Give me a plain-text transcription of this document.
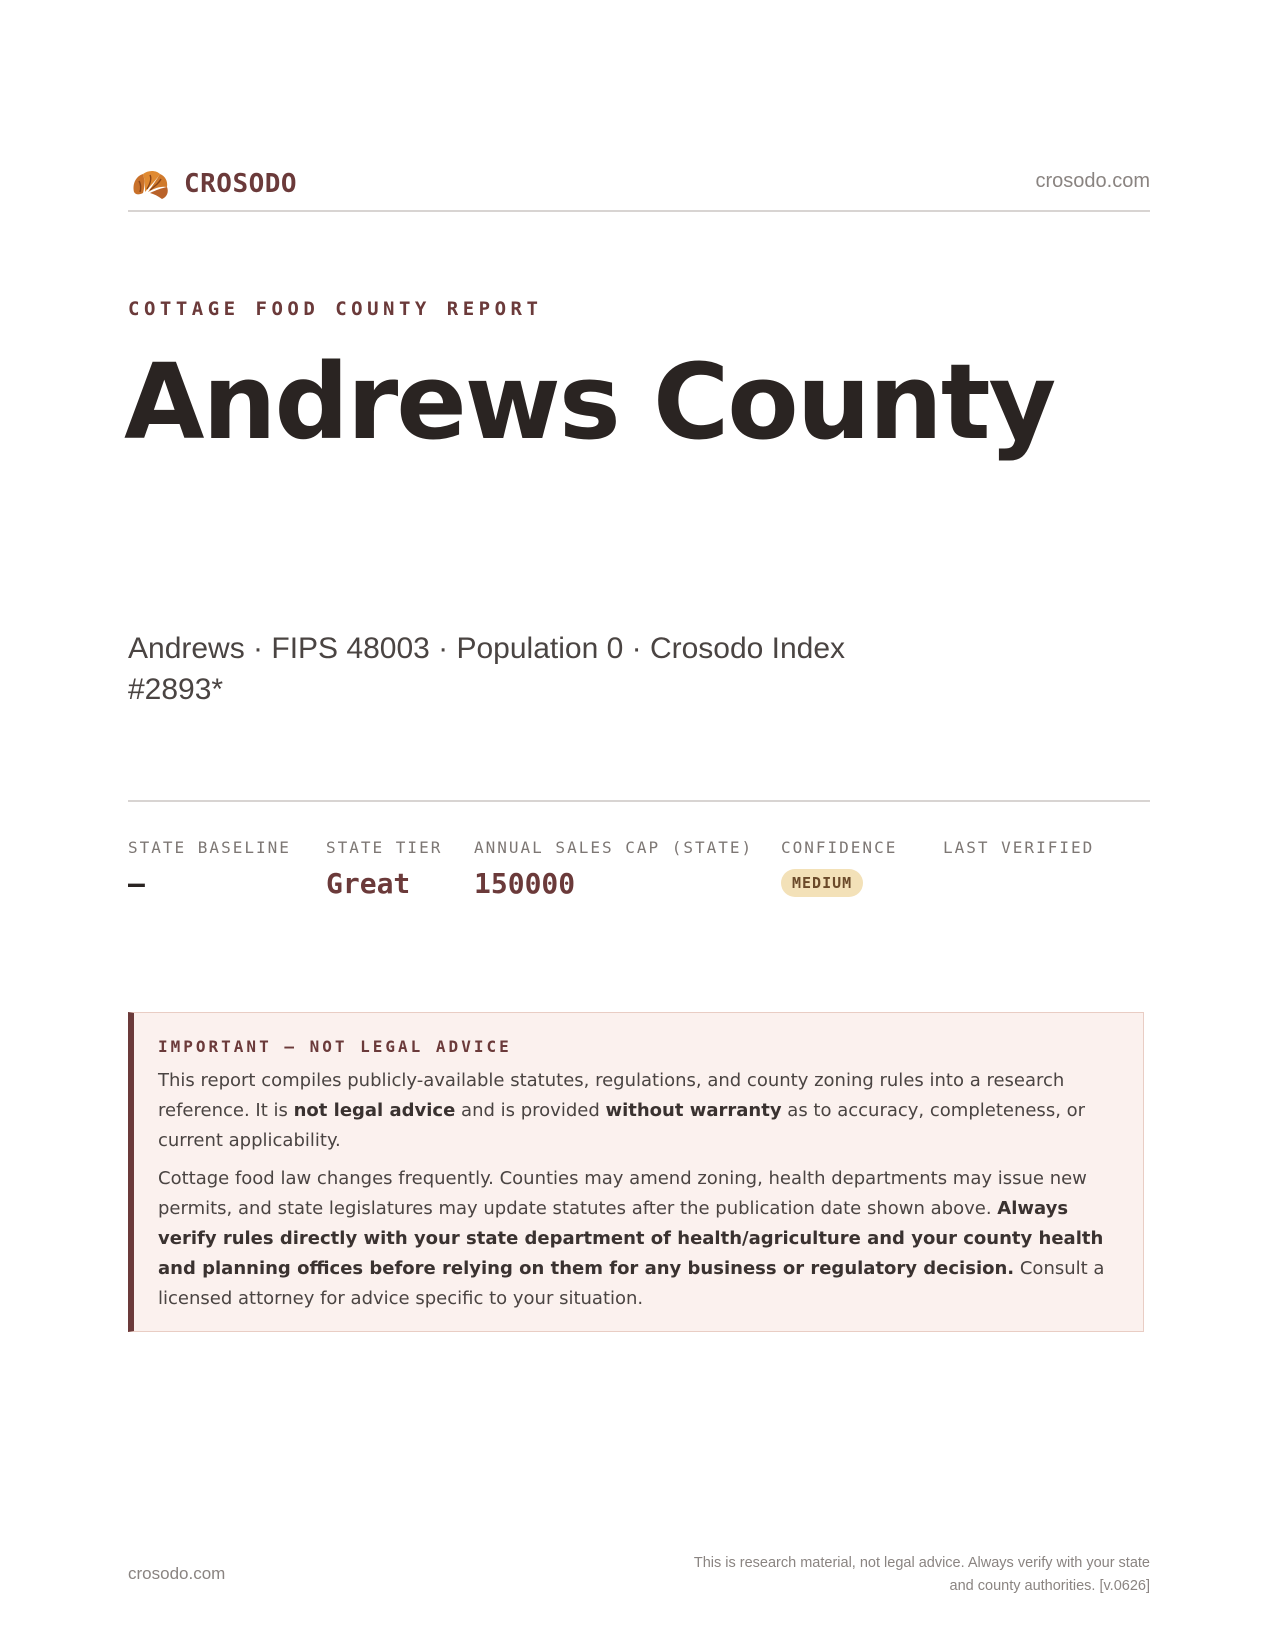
CROSODO	crosodo.com
COTTAGE FOOD COUNTY REPORT
Andrews County
Andrews · FIPS 48003 · Population 0 · Crosodo Index #2893*
STATE BASELINE
—
STATE TIER
Great
ANNUAL SALES CAP (STATE)
150000
CONFIDENCE
MEDIUM
LAST VERIFIED
IMPORTANT — NOT LEGAL ADVICE

This report compiles publicly-available statutes, regulations, and county zoning rules into a research reference. It is not legal advice and is provided without warranty as to accuracy, completeness, or current applicability.

Cottage food law changes frequently. Counties may amend zoning, health departments may issue new permits, and state legislatures may update statutes after the publication date shown above. Always verify rules directly with your state department of health/agriculture and your county health and planning offices before relying on them for any business or regulatory decision. Consult a licensed attorney for advice specific to your situation.

crosodo.com
This is research material, not legal advice. Always verify with your state
and county authorities. [v.0626]
